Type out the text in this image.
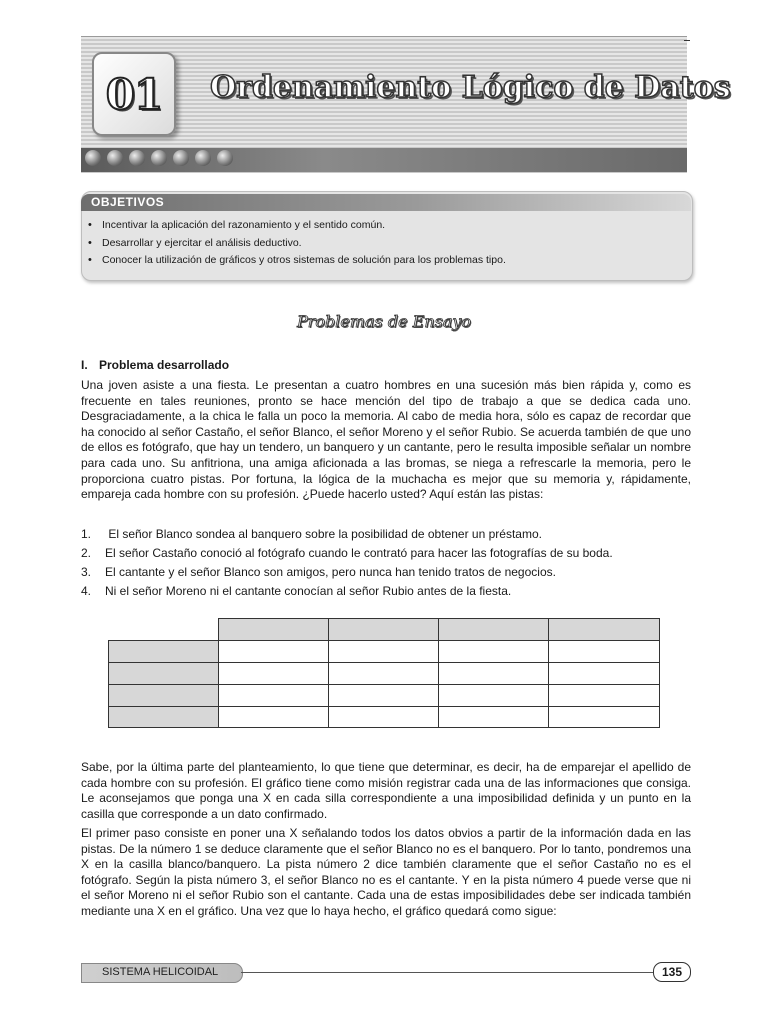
01 Ordenamiento Lógico de Datos
OBJETIVOS
• Incentivar la aplicación del razonamiento y el sentido común.
• Desarrollar y ejercitar el análisis deductivo.
• Conocer la utilización de gráficos y otros sistemas de solución para los problemas tipo.
Problemas de Ensayo
I. Problema desarrollado

Una joven asiste a una fiesta. Le presentan a cuatro hombres en una sucesión más bien rápida y, como es frecuente en tales reuniones, pronto se hace mención del tipo de trabajo a que se dedica cada uno. Desgraciadamente, a la chica le falla un poco la memoria. Al cabo de media hora, sólo es capaz de recordar que ha conocido al señor Castaño, el señor Blanco, el señor Moreno y el señor Rubio. Se acuerda también de que uno de ellos es fotógrafo, que hay un tendero, un banquero y un cantante, pero le resulta imposible señalar un nombre para cada uno. Su anfitriona, una amiga aficionada a las bromas, se niega a refrescarle la memoria, pero le proporciona cuatro pistas. Por fortuna, la lógica de la muchacha es mejor que su memoria y, rápidamente, empareja cada hombre con su profesión. ¿Puede hacerlo usted? Aquí están las pistas:

1. El señor Blanco sondea al banquero sobre la posibilidad de obtener un préstamo.
2. El señor Castaño conoció al fotógrafo cuando le contrató para hacer las fotografías de su boda.
3. El cantante y el señor Blanco son amigos, pero nunca han tenido tratos de negocios.
4. Ni el señor Moreno ni el cantante conocían al señor Rubio antes de la fiesta.

Sabe, por la última parte del planteamiento, lo que tiene que determinar, es decir, ha de emparejar el apellido de cada hombre con su profesión. El gráfico tiene como misión registrar cada una de las informaciones que consiga. Le aconsejamos que ponga una X en cada silla correspondiente a una imposibilidad definida y un punto en la casilla que corresponde a un dato confirmado.

El primer paso consiste en poner una X señalando todos los datos obvios a partir de la información dada en las pistas. De la número 1 se deduce claramente que el señor Blanco no es el banquero. Por lo tanto, pondremos una X en la casilla blanco/banquero. La pista número 2 dice también claramente que el señor Castaño no es el fotógrafo. Según la pista número 3, el señor Blanco no es el cantante. Y en la pista número 4 puede verse que ni el señor Moreno ni el señor Rubio son el cantante. Cada una de estas imposibilidades debe ser indicada también mediante una X en el gráfico. Una vez que lo haya hecho, el gráfico quedará como sigue:

SISTEMA HELICOIDAL	135
